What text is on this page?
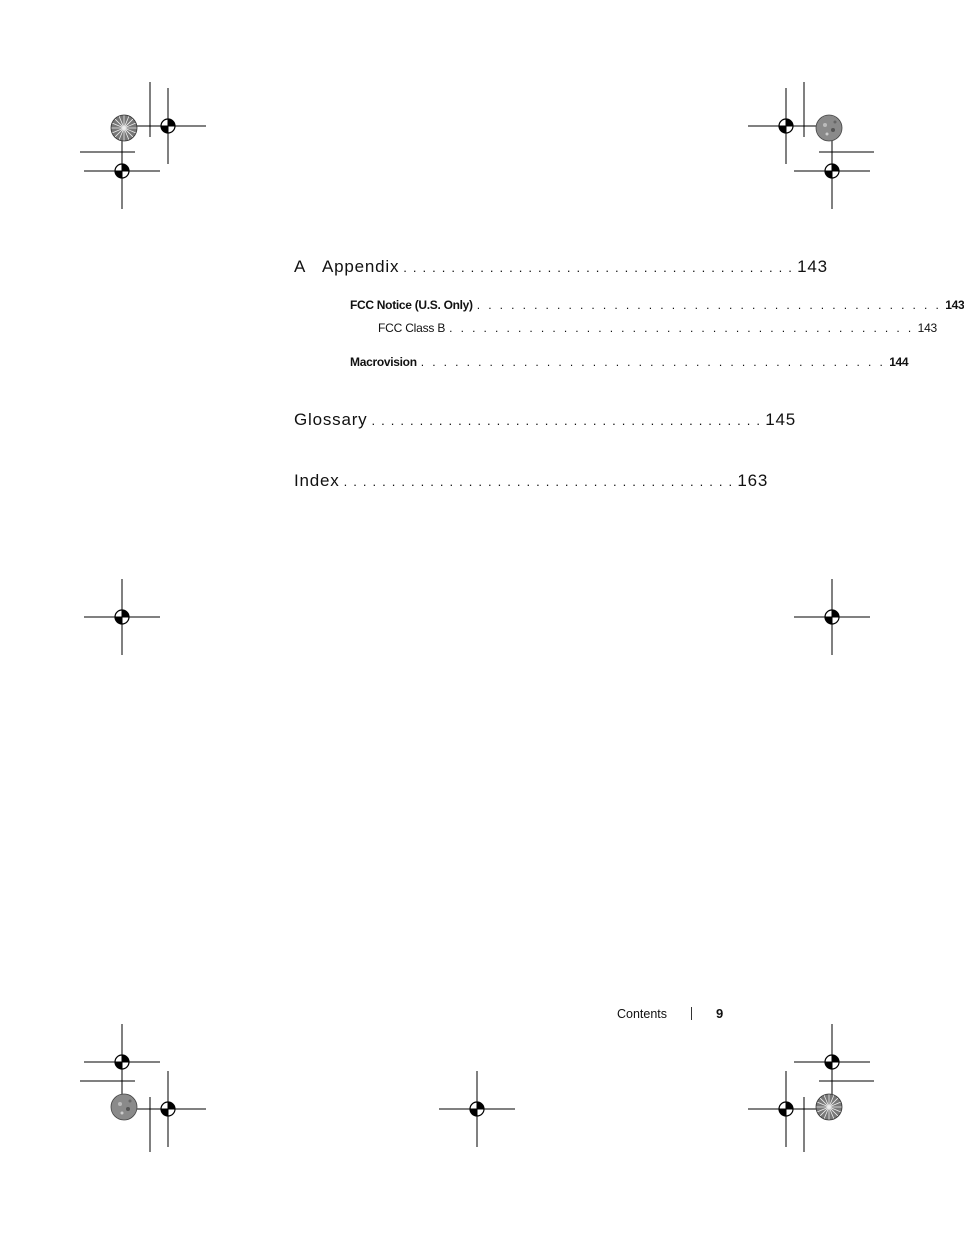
A Appendix . . . . . . . . . . . . . . . . . . . . . . . . . . . . . . . . . . . . . . . . . 143
FCC Notice (U.S. Only) . . . . . . . . . . . . . . . . . . . . . . . . . . . . . . . . . . . . . . . . . 143
FCC Class B . . . . . . . . . . . . . . . . . . . . . . . . . . . . . . . . . . . . . . . . . 143
Macrovision . . . . . . . . . . . . . . . . . . . . . . . . . . . . . . . . . . . . . . . . . 144
Glossary . . . . . . . . . . . . . . . . . . . . . . . . . . . . . . . . . . . . . . . . . 145
Index . . . . . . . . . . . . . . . . . . . . . . . . . . . . . . . . . . . . . . . . . 163
Contents	9
